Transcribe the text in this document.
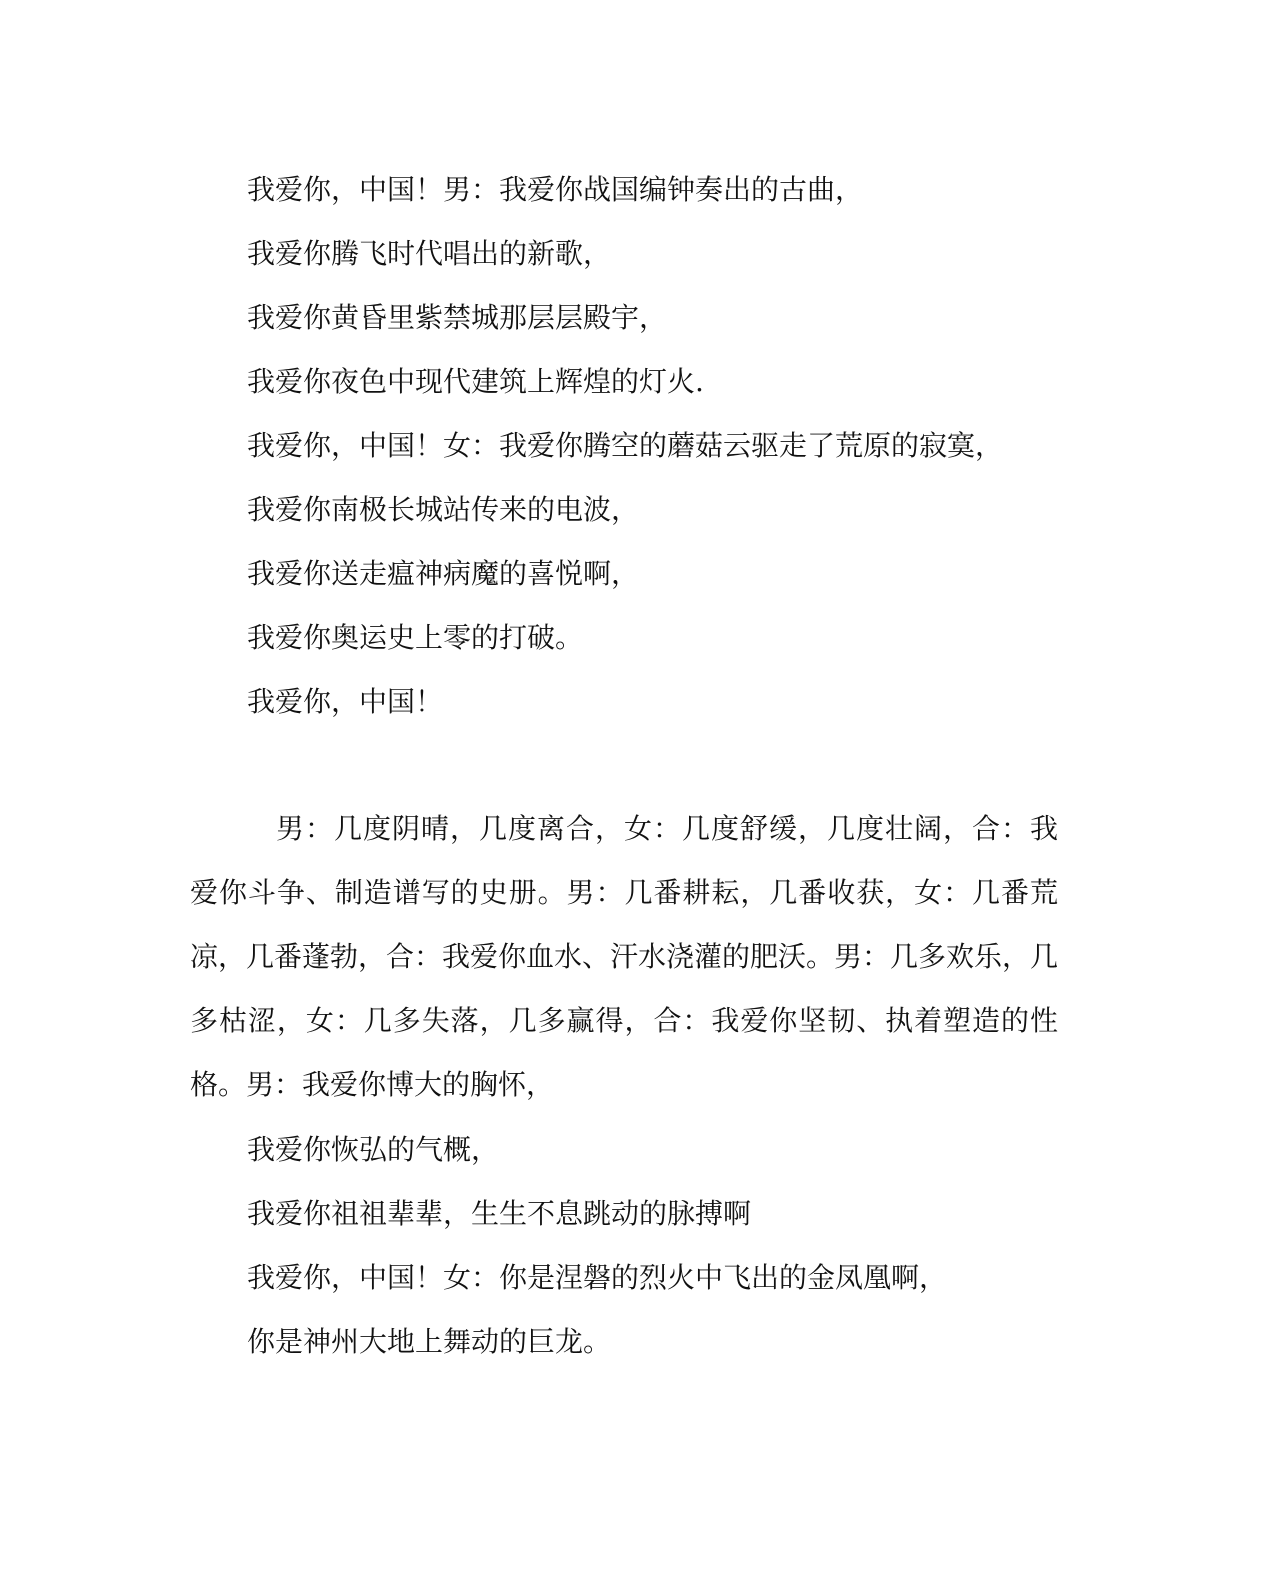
我爱你，中国！男：我爱你战国编钟奏出的古曲，

我爱你腾飞时代唱出的新歌，

我爱你黄昏里紫禁城那层层殿宇，

我爱你夜色中现代建筑上辉煌的灯火.

我爱你，中国！女：我爱你腾空的蘑菇云驱走了荒原的寂寞，

我爱你南极长城站传来的电波，

我爱你送走瘟神病魔的喜悦啊，

我爱你奥运史上零的打破。

我爱你，中国！

男：几度阴晴，几度离合，女：几度舒缓，几度壮阔，合：我爱你斗争、制造谱写的史册。男：几番耕耘，几番收获，女：几番荒凉，几番蓬勃，合：我爱你血水、汗水浇灌的肥沃。男：几多欢乐，几多枯涩，女：几多失落，几多赢得，合：我爱你坚韧、执着塑造的性格。男：我爱你博大的胸怀，

我爱你恢弘的气概，

我爱你祖祖辈辈，生生不息跳动的脉搏啊

我爱你，中国！女：你是涅磐的烈火中飞出的金凤凰啊，

你是神州大地上舞动的巨龙。
